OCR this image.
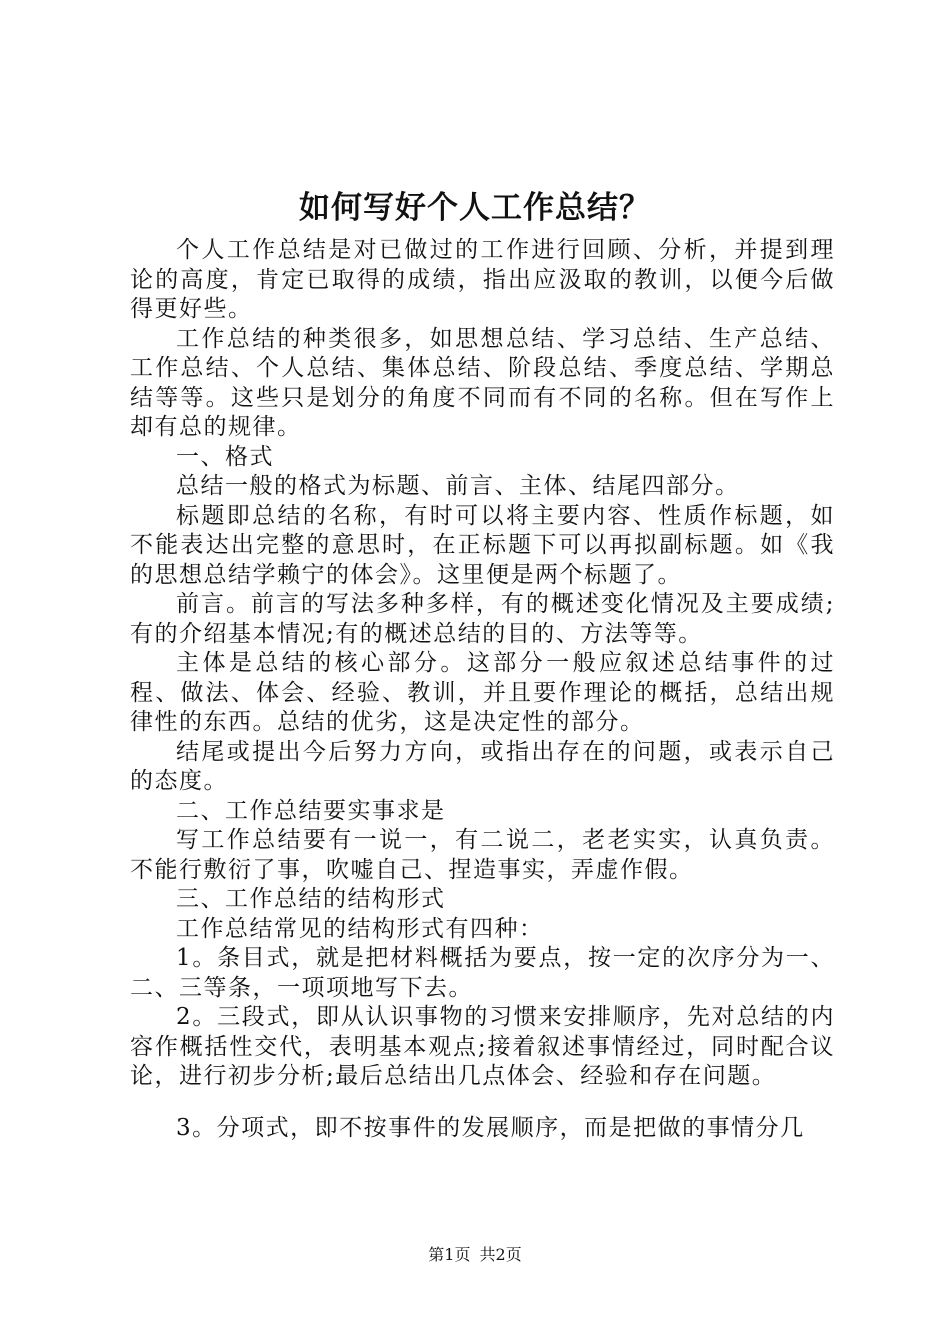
如何写好个人工作总结？

个人工作总结是对已做过的工作进行回顾、分析，并提到理论的高度，肯定已取得的成绩，指出应汲取的教训，以便今后做得更好些。

工作总结的种类很多，如思想总结、学习总结、生产总结、工作总结、个人总结、集体总结、阶段总结、季度总结、学期总结等等。这些只是划分的角度不同而有不同的名称。但在写作上却有总的规律。

一、格式

总结一般的格式为标题、前言、主体、结尾四部分。

标题即总结的名称，有时可以将主要内容、性质作标题，如不能表达出完整的意思时，在正标题下可以再拟副标题。如《我的思想总结学赖宁的体会》。这里便是两个标题了。

前言。前言的写法多种多样，有的概述变化情况及主要成绩;有的介绍基本情况;有的概述总结的目的、方法等等。

主体是总结的核心部分。这部分一般应叙述总结事件的过程、做法、体会、经验、教训，并且要作理论的概括，总结出规律性的东西。总结的优劣，这是决定性的部分。

结尾或提出今后努力方向，或指出存在的问题，或表示自己的态度。

二、工作总结要实事求是

写工作总结要有一说一，有二说二，老老实实，认真负责。不能行敷衍了事，吹嘘自己、捏造事实，弄虚作假。

三、工作总结的结构形式

工作总结常见的结构形式有四种：

1。条目式，就是把材料概括为要点，按一定的次序分为一、二、三等条，一项项地写下去。

2。三段式，即从认识事物的习惯来安排顺序，先对总结的内容作概括性交代，表明基本观点;接着叙述事情经过，同时配合议论，进行初步分析;最后总结出几点体会、经验和存在问题。

3。分项式，即不按事件的发展顺序，而是把做的事情分几

第1页 共2页
